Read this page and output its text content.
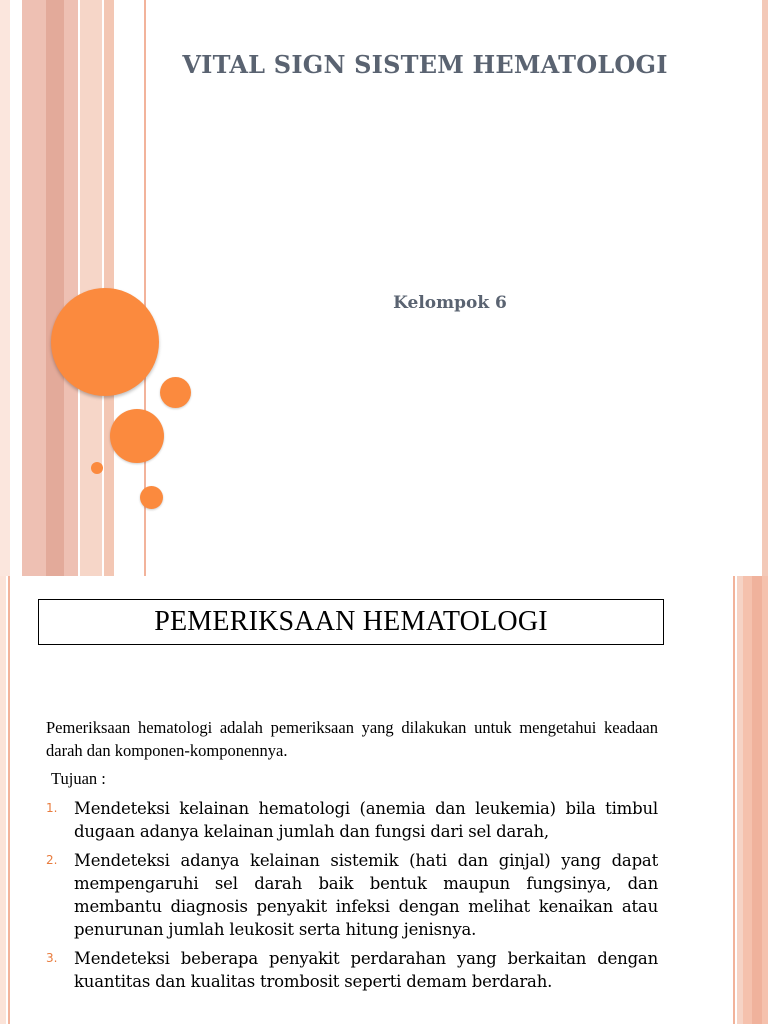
VITAL SIGN SISTEM HEMATOLOGI
Kelompok 6
PEMERIKSAAN HEMATOLOGI
Pemeriksaan hematologi adalah pemeriksaan yang dilakukan untuk mengetahui keadaan darah dan komponen-komponennya.
Tujuan :
1. Mendeteksi kelainan hematologi (anemia dan leukemia) bila timbul dugaan adanya kelainan jumlah dan fungsi dari sel darah,
2. Mendeteksi adanya kelainan sistemik (hati dan ginjal) yang dapat mempengaruhi sel darah baik bentuk maupun fungsinya, dan membantu diagnosis penyakit infeksi dengan melihat kenaikan atau penurunan jumlah leukosit serta hitung jenisnya.
3. Mendeteksi beberapa penyakit perdarahan yang berkaitan dengan kuantitas dan kualitas trombosit seperti demam berdarah.
